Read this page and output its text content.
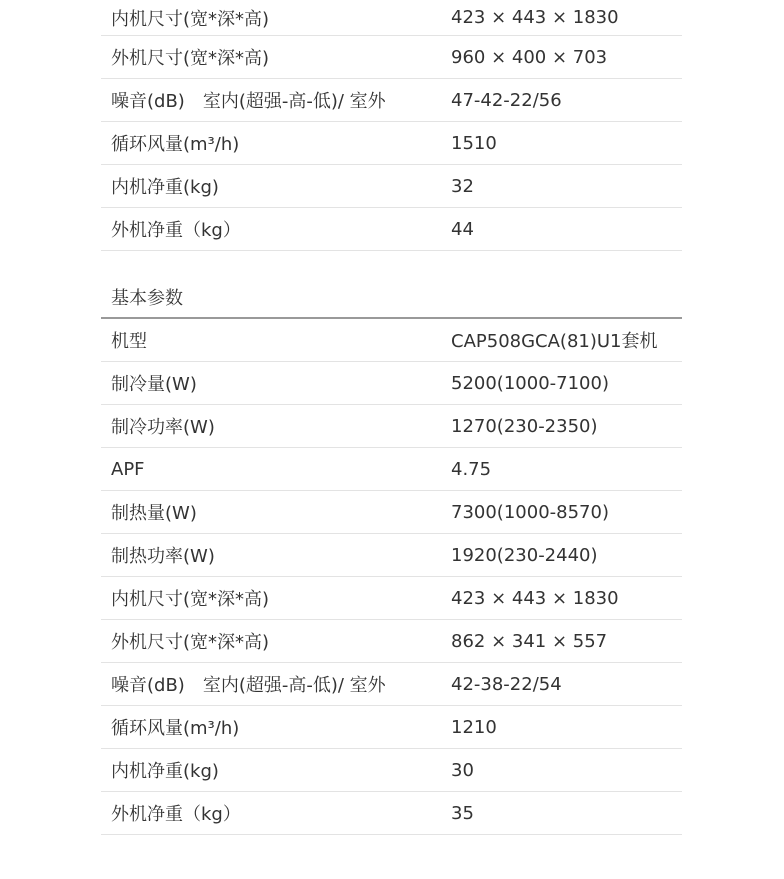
内机尺寸(宽*深*高)	423 × 443 × 1830
外机尺寸(宽*深*高)	960 × 400 × 703
噪音(dB)　室内(超强-高-低)/ 室外	47-42-22/56
循环风量(m³/h)	1510
内机净重(kg)	32
外机净重（kg）	44
基本参数
机型	CAP508GCA(81)U1套机
制冷量(W)	5200(1000-7100)
制冷功率(W)	1270(230-2350)
APF	4.75
制热量(W)	7300(1000-8570)
制热功率(W)	1920(230-2440)
内机尺寸(宽*深*高)	423 × 443 × 1830
外机尺寸(宽*深*高)	862 × 341 × 557
噪音(dB)　室内(超强-高-低)/ 室外	42-38-22/54
循环风量(m³/h)	1210
内机净重(kg)	30
外机净重（kg）	35
